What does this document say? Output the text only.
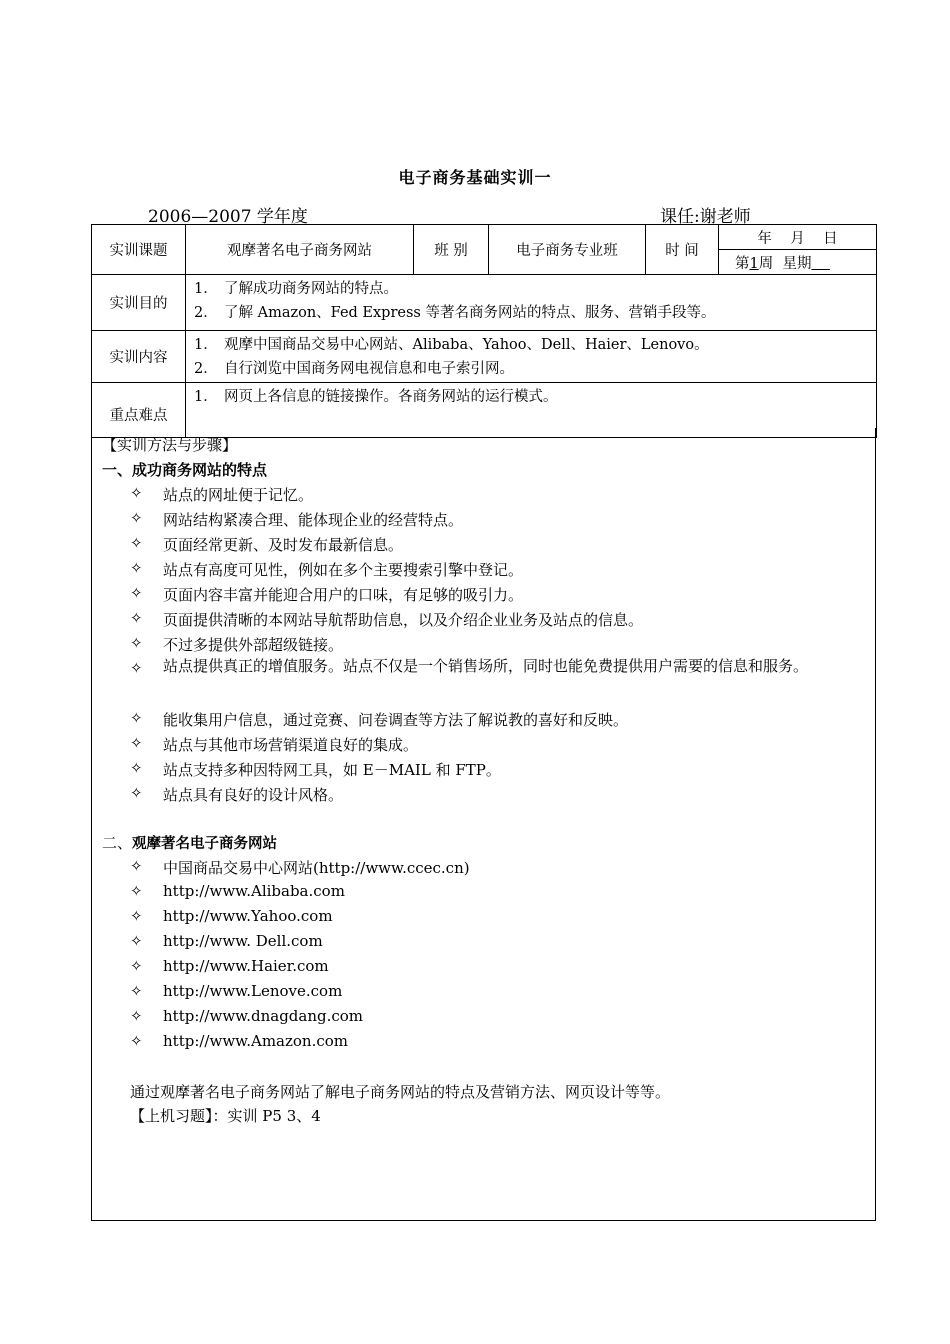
电子商务基础实训一
2006—2007 学年度	课任:谢老师
实训课题	观摩著名电子商务网站	班 别	电子商务专业班	时 间	年    月    日
					第1周  星期
实训目的	1． 了解成功商务网站的特点。
2． 了解 Amazon、Fed Express 等著名商务网站的特点、服务、营销手段等。				

实训内容	1． 观摩中国商品交易中心网站、Alibaba、Yahoo、Dell、Haier、Lenovo。
2． 自行浏览中国商务网电视信息和电子索引网。				

重点难点	1． 网页上各信息的链接操作。各商务网站的运行模式。				
【实训方法与步骤】
一、成功商务网站的特点
✧ 站点的网址便于记忆。
✧ 网站结构紧凑合理、能体现企业的经营特点。
✧ 页面经常更新、及时发布最新信息。
✧ 站点有高度可见性，例如在多个主要搜索引擎中登记。
✧ 页面内容丰富并能迎合用户的口味，有足够的吸引力。
✧ 页面提供清晰的本网站导航帮助信息，以及介绍企业业务及站点的信息。
✧ 不过多提供外部超级链接。
✧ 站点提供真正的增值服务。站点不仅是一个销售场所，同时也能免费提供用户需要的信息和服务。
✧ 能收集用户信息，通过竞赛、问卷调查等方法了解说教的喜好和反映。
✧ 站点与其他市场营销渠道良好的集成。
✧ 站点支持多种因特网工具，如 E－MAIL 和 FTP。
✧ 站点具有良好的设计风格。
二、观摩著名电子商务网站
✧ 中国商品交易中心网站(http://www.ccec.cn)
✧ http://www.Alibaba.com
✧ http://www.Yahoo.com
✧ http://www. Dell.com
✧ http://www.Haier.com
✧ http://www.Lenove.com
✧ http://www.dnagdang.com
✧ http://www.Amazon.com
通过观摩著名电子商务网站了解电子商务网站的特点及营销方法、网页设计等等。
【上机习题】：实训 P5 3、4
